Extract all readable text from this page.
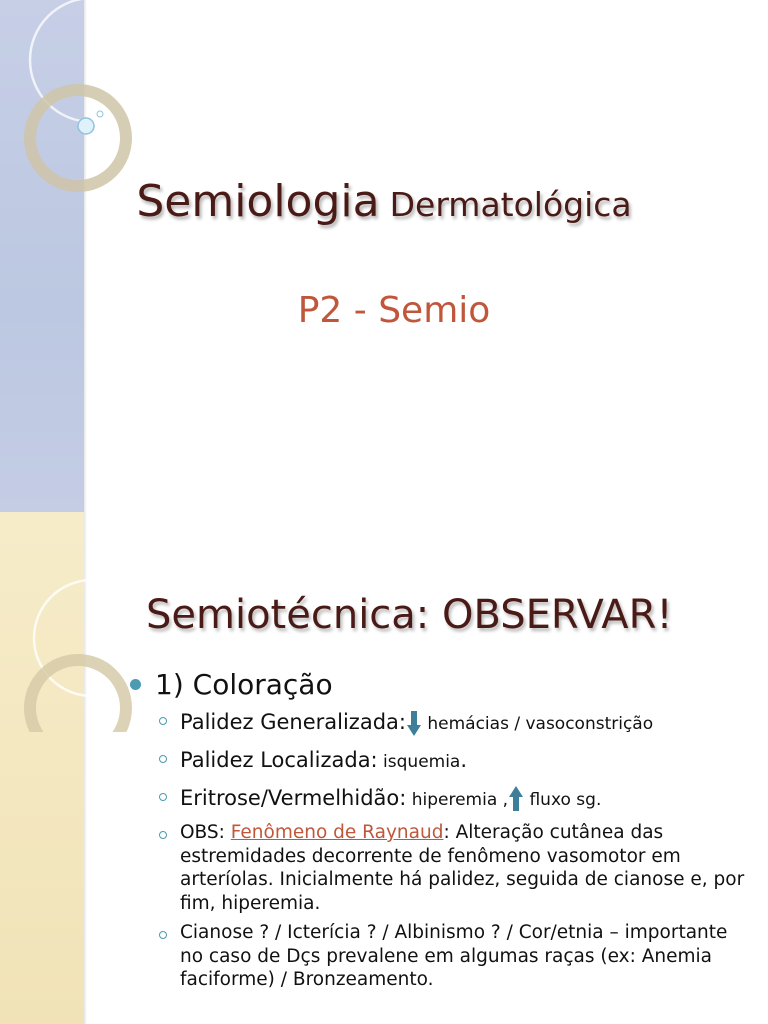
Semiologia Dermatológica
P2 - Semio
Semiotécnica: OBSERVAR!
1) Coloração
Palidez Generalizada: hemácias / vasoconstrição
Palidez Localizada: isquemia.
Eritrose/Vermelhidão: hiperemia , fluxo sg.
OBS: Fenômeno de Raynaud: Alteração cutânea das estremidades decorrente de fenômeno vasomotor em arteríolas. Inicialmente há palidez, seguida de cianose e, por fim, hiperemia.
Cianose ? / Icterícia ? / Albinismo ? / Cor/etnia – importante no caso de Dçs prevalene em algumas raças (ex: Anemia faciforme) / Bronzeamento.
